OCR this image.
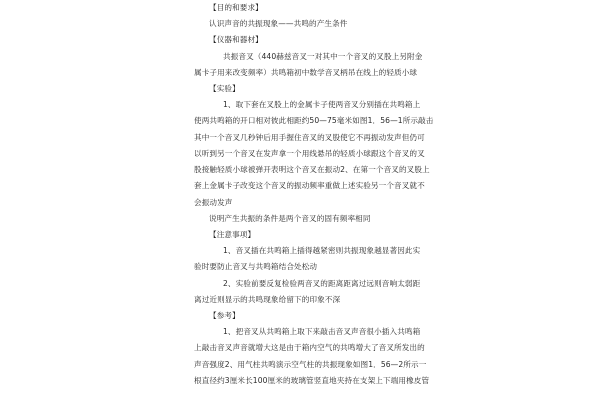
【目的和要求】
认识声音的共振现象——共鸣的产生条件
【仪器和器材】
共振音叉（440赫兹音叉一对其中一个音叉的叉股上另附金
属卡子用来改变频率）共鸣箱初中数学音叉柄吊在线上的轻质小球
【实验】
1、取下套在叉股上的金属卡子使两音叉分别插在共鸣箱上
使两共鸣箱的开口相对彼此相距约50—75毫米如图1．56—1所示敲击
其中一个音叉几秒钟后用手握住音叉的叉股使它不再振动发声但仍可
以听到另一个音叉在发声拿一个用线悬吊的轻质小球跟这个音叉的叉
股接触轻质小球被弹开表明这个音叉在振动2、在第一个音叉的叉股上
套上金属卡子改变这个音叉的振动频率重做上述实验另一个音叉就不
会振动发声
说明产生共振的条件是两个音叉的固有频率相同
【注意事项】
1、音叉插在共鸣箱上插得越紧密则共振现象越显著因此实
验时要防止音叉与共鸣箱结合处松动
2、实验前要反复检验两音叉的距离距离过远则音响太弱距
离过近则显示的共鸣现象给留下的印象不深
【参考】
1、把音叉从共鸣箱上取下来敲击音叉声音很小插入共鸣箱
上敲击音叉声音就增大这是由于箱内空气的共鸣增大了音叉所发出的
声音强度2、用气柱共鸣演示空气柱的共振现象如图1．56—2所示一
根直径约3厘米长100厘米的玻璃管竖直地夹持在支架上下端用橡皮管
